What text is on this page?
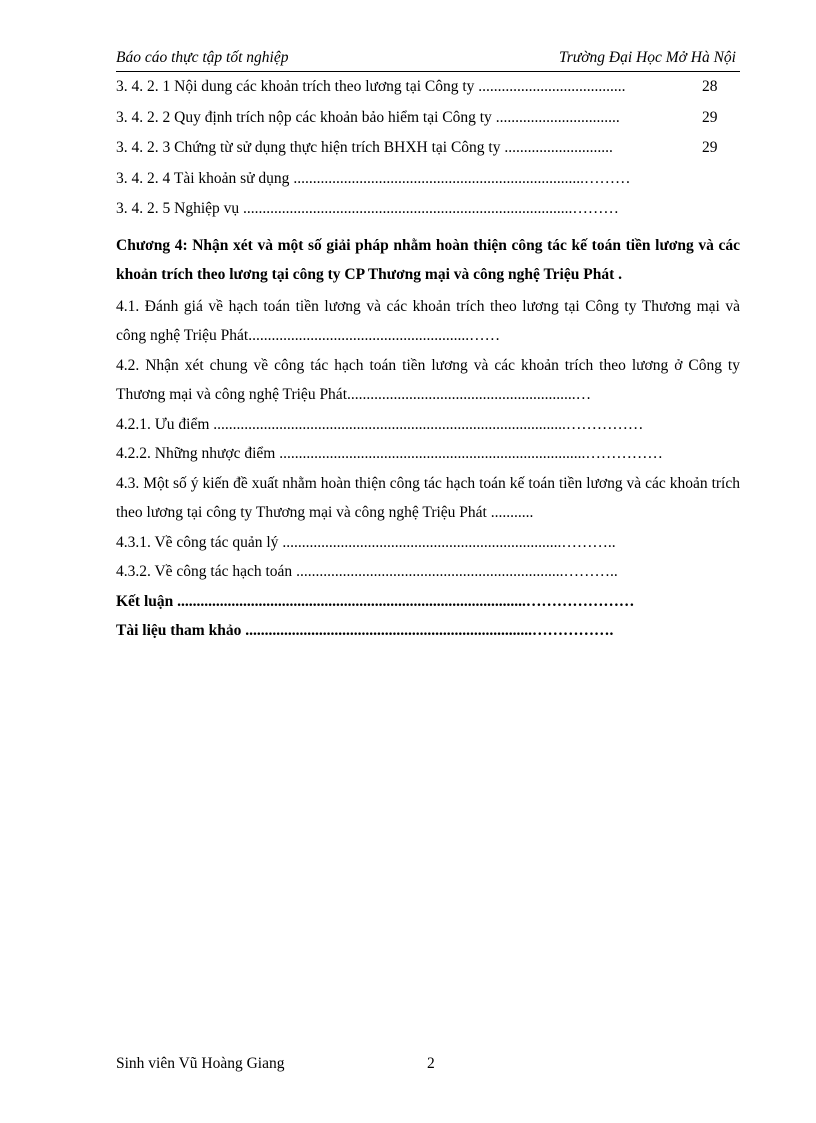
Báo cáo thực tập tốt nghiệp	Trường Đại Học Mở Hà Nội
3. 4. 2. 1 Nội dung các khoản trích theo lương tại Công ty ......................................	28
3. 4. 2. 2 Quy định trích nộp các khoản bảo hiểm tại Công ty ................................	29
3. 4. 2. 3 Chứng từ sử dụng thực hiện trích BHXH tại Công ty ............................	29
3. 4. 2. 4 Tài khoản sử dụng ...........................................................................………
3. 4. 2. 5 Nghiệp vụ .....................................................................................………
Chương 4: Nhận xét và một số giải pháp nhằm hoàn thiện công tác kế toán tiền lương và các khoản trích theo lương tại công ty CP Thương mại và công nghệ Triệu Phát .
4.1. Đánh giá về hạch toán tiền lương và các khoản trích theo lương tại Công ty Thương mại và công nghệ Triệu Phát.........................................................……
4.2. Nhận xét chung về công tác hạch toán tiền lương và các khoản trích theo lương ở Công ty Thương mại và công nghệ Triệu Phát...........................................................…
4.2.1. Ưu điểm ...........................................................................................……………
4.2.2. Những nhược điểm ...............................................................................……………
4.3. Một số ý kiến đề xuất nhằm hoàn thiện công tác hạch toán kế toán tiền lương và các khoản trích theo lương tại công ty Thương mại và công nghệ Triệu Phát ...........
4.3.1. Về công tác quản lý ........................................................................………..
4.3.2. Về công tác hạch toán .....................................................................………..
Kết luận ..........................................................................................…………………
Tài liệu tham khảo ..........................................................................…………….
Sinh viên Vũ Hoàng Giang	2
